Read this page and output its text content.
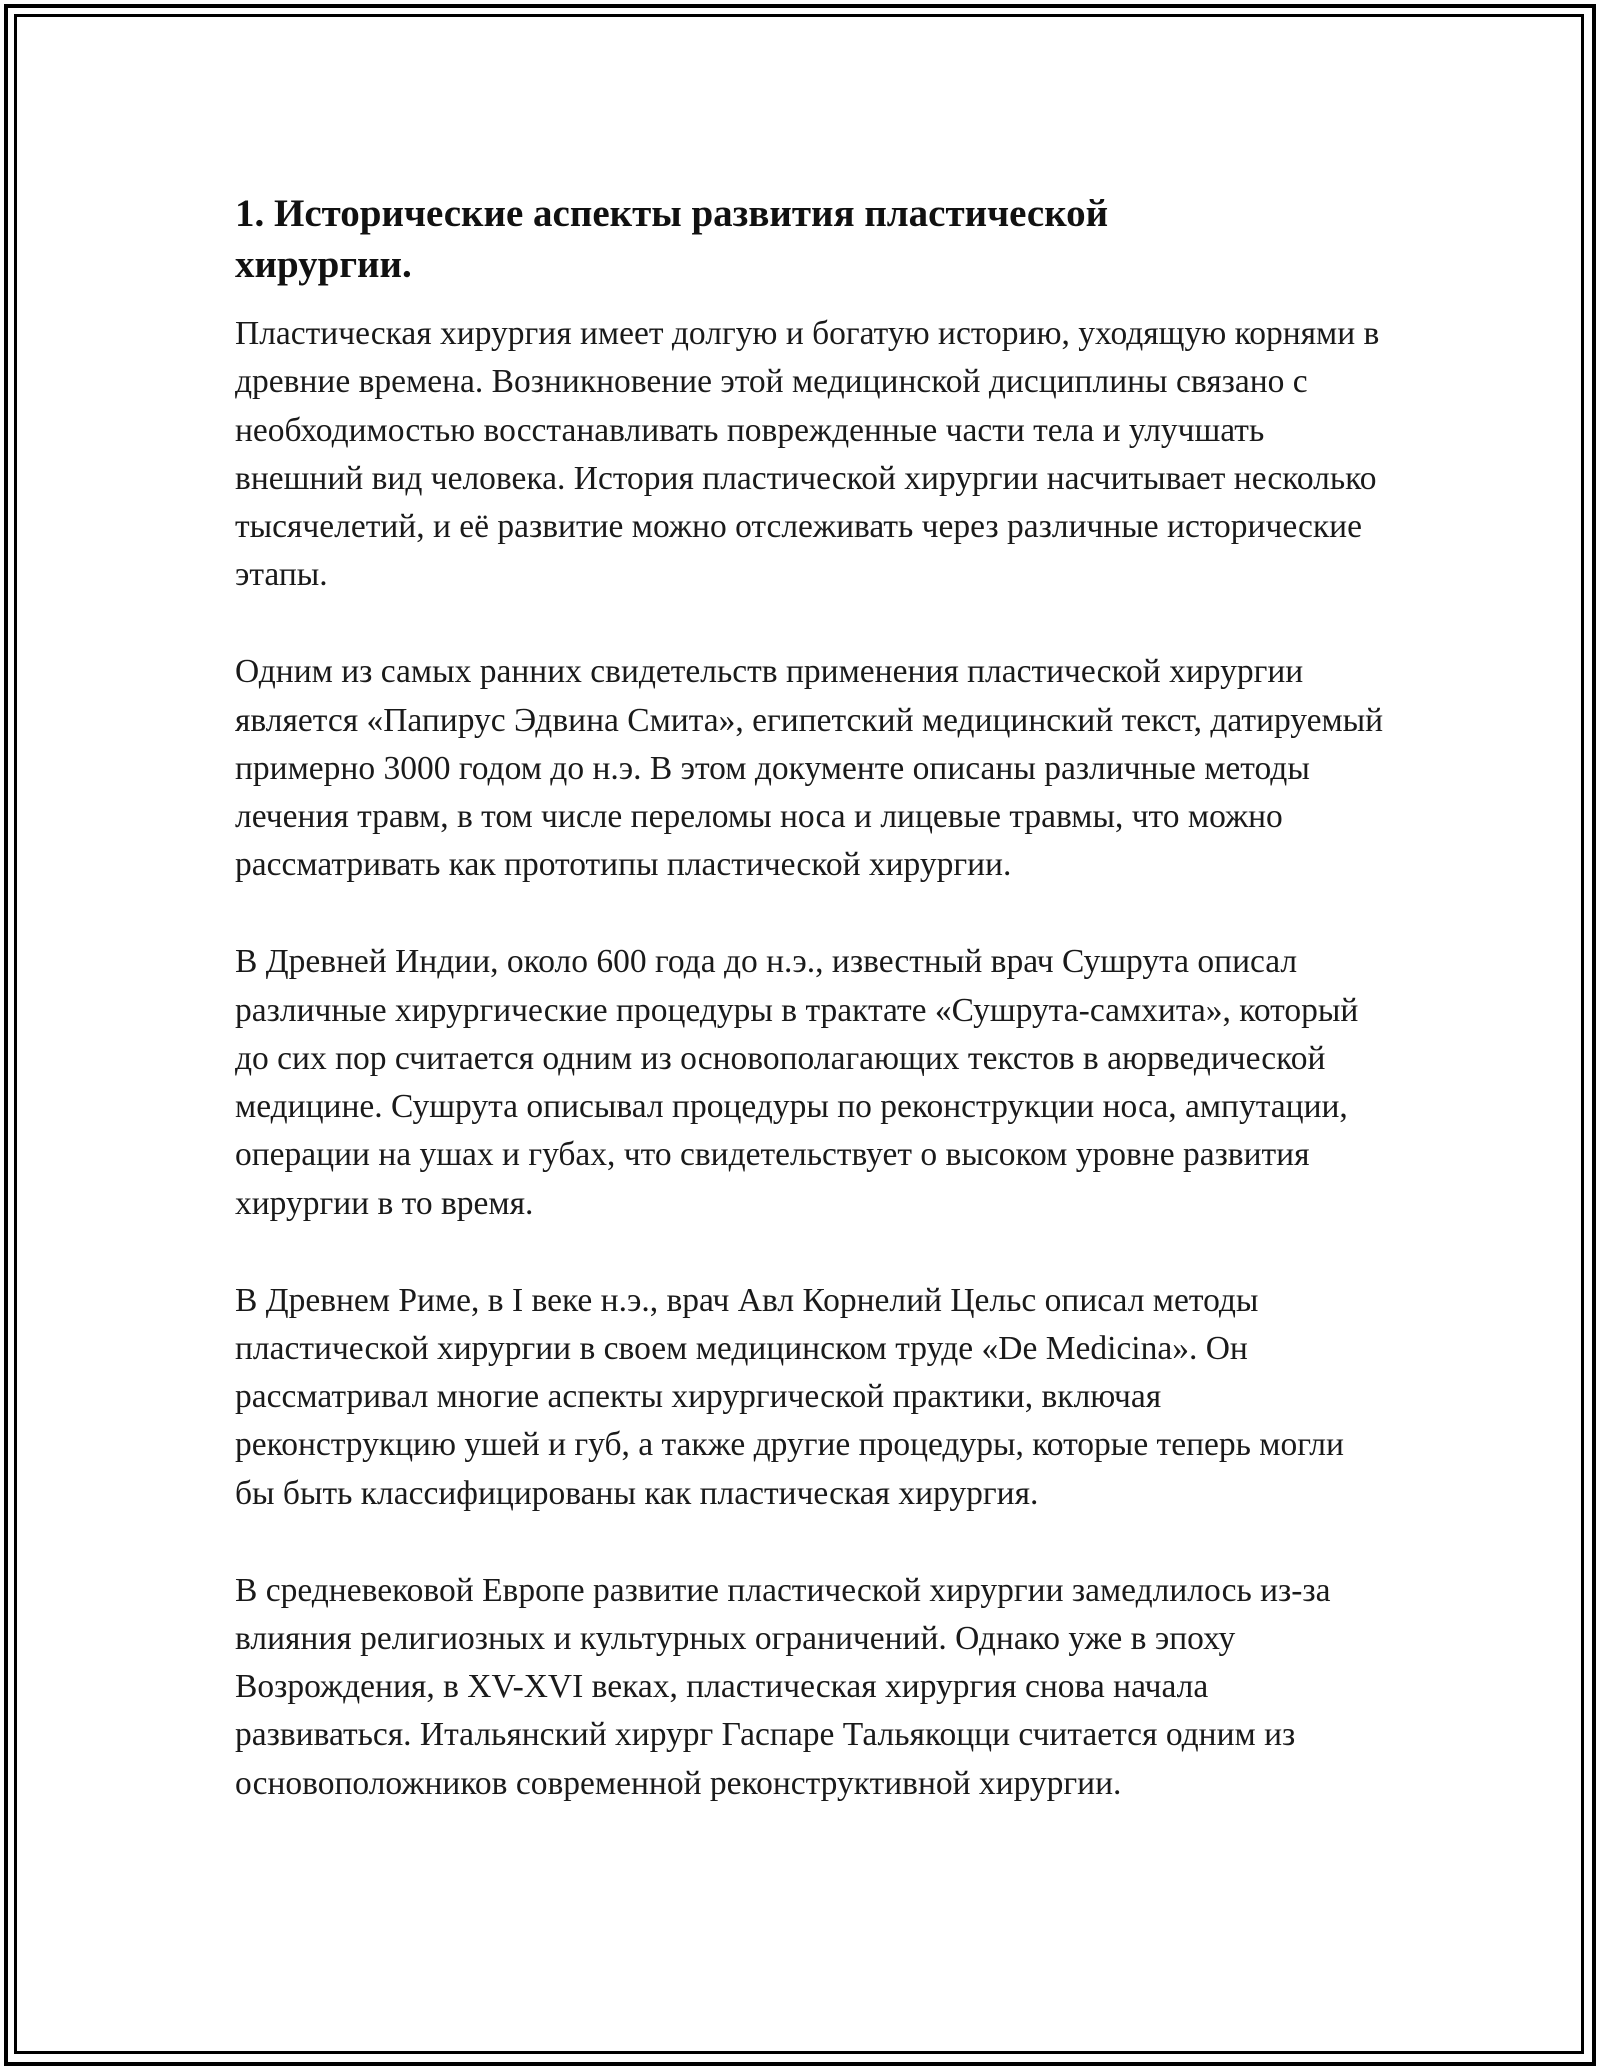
1. Исторические аспекты развития пластической хирургии.

Пластическая хирургия имеет долгую и богатую историю, уходящую корнями в древние времена. Возникновение этой медицинской дисциплины связано с необходимостью восстанавливать поврежденные части тела и улучшать внешний вид человека. История пластической хирургии насчитывает несколько тысячелетий, и её развитие можно отслеживать через различные исторические этапы.

Одним из самых ранних свидетельств применения пластической хирургии является «Папирус Эдвина Смита», египетский медицинский текст, датируемый примерно 3000 годом до н.э. В этом документе описаны различные методы лечения травм, в том числе переломы носа и лицевые травмы, что можно рассматривать как прототипы пластической хирургии.

В Древней Индии, около 600 года до н.э., известный врач Сушрута описал различные хирургические процедуры в трактате «Сушрута-самхита», который до сих пор считается одним из основополагающих текстов в аюрведической медицине. Сушрута описывал процедуры по реконструкции носа, ампутации, операции на ушах и губах, что свидетельствует о высоком уровне развития хирургии в то время.

В Древнем Риме, в I веке н.э., врач Авл Корнелий Цельс описал методы пластической хирургии в своем медицинском труде «De Medicina». Он рассматривал многие аспекты хирургической практики, включая реконструкцию ушей и губ, а также другие процедуры, которые теперь могли бы быть классифицированы как пластическая хирургия.

В средневековой Европе развитие пластической хирургии замедлилось из-за влияния религиозных и культурных ограничений. Однако уже в эпоху Возрождения, в XV-XVI веках, пластическая хирургия снова начала развиваться. Итальянский хирург Гаспаре Тальякоцци считается одним из основоположников современной реконструктивной хирургии.
